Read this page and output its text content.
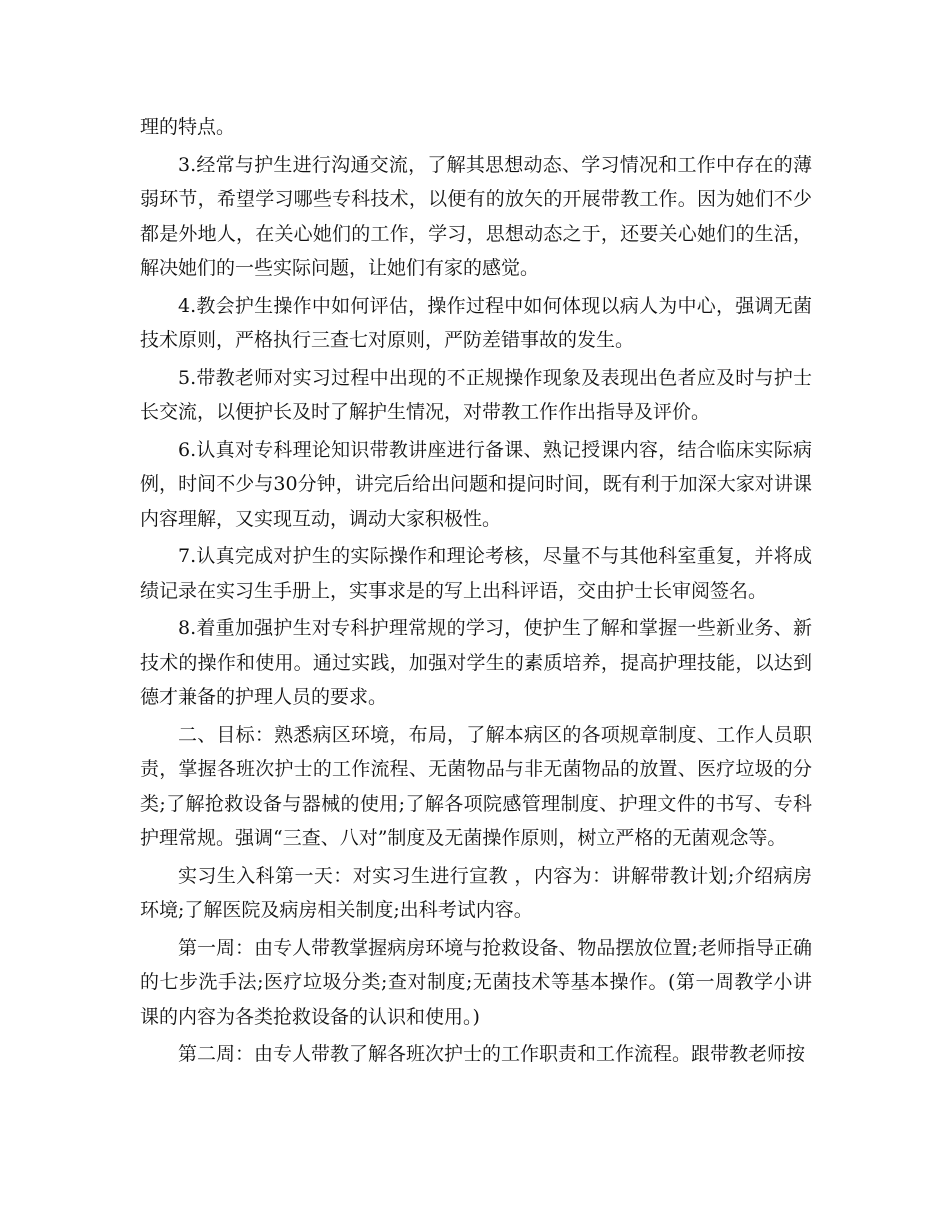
理的特点。

3.经常与护生进行沟通交流，了解其思想动态、学习情况和工作中存在的薄弱环节，希望学习哪些专科技术，以便有的放矢的开展带教工作。因为她们不少都是外地人，在关心她们的工作，学习，思想动态之于，还要关心她们的生活，解决她们的一些实际问题，让她们有家的感觉。

4.教会护生操作中如何评估，操作过程中如何体现以病人为中心，强调无菌技术原则，严格执行三查七对原则，严防差错事故的发生。

5.带教老师对实习过程中出现的不正规操作现象及表现出色者应及时与护士长交流，以便护长及时了解护生情况，对带教工作作出指导及评价。

6.认真对专科理论知识带教讲座进行备课、熟记授课内容，结合临床实际病例，时间不少与30分钟，讲完后给出问题和提问时间，既有利于加深大家对讲课内容理解，又实现互动，调动大家积极性。

7.认真完成对护生的实际操作和理论考核，尽量不与其他科室重复，并将成绩记录在实习生手册上，实事求是的写上出科评语，交由护士长审阅签名。

8.着重加强护生对专科护理常规的学习，使护生了解和掌握一些新业务、新技术的操作和使用。通过实践，加强对学生的素质培养，提高护理技能，以达到德才兼备的护理人员的要求。

二、目标：熟悉病区环境，布局，了解本病区的各项规章制度、工作人员职责，掌握各班次护士的工作流程、无菌物品与非无菌物品的放置、医疗垃圾的分类;了解抢救设备与器械的使用;了解各项院感管理制度、护理文件的书写、专科护理常规。强调“三查、八对”制度及无菌操作原则，树立严格的无菌观念等。

实习生入科第一天：对实习生进行宣教 ，内容为：讲解带教计划;介绍病房环境;了解医院及病房相关制度;出科考试内容。

第一周：由专人带教掌握病房环境与抢救设备、物品摆放位置;老师指导正确的七步洗手法;医疗垃圾分类;查对制度;无菌技术等基本操作。(第一周教学小讲课的内容为各类抢救设备的认识和使用。)

第二周：由专人带教了解各班次护士的工作职责和工作流程。跟带教老师按
